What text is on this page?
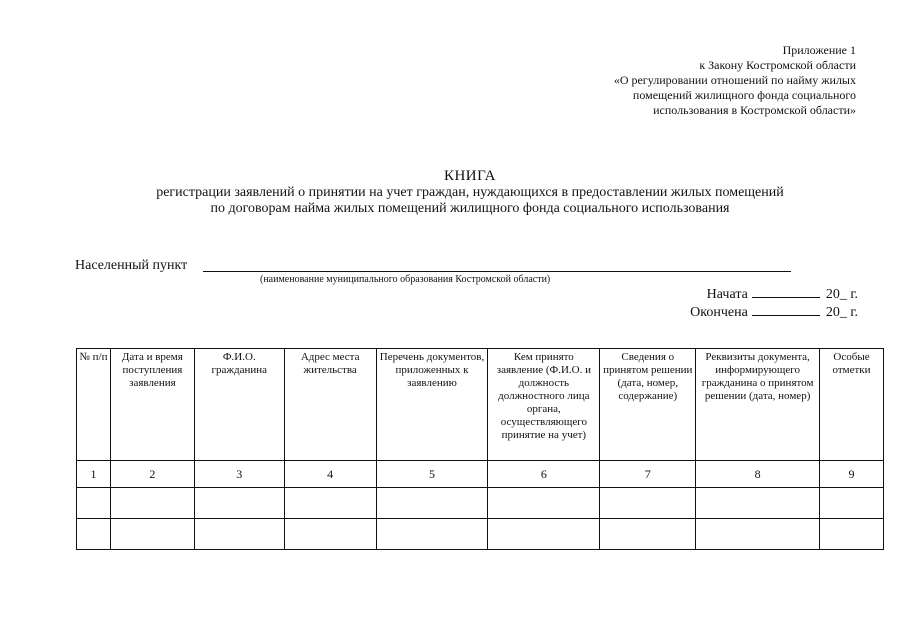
Приложение 1
к Закону Костромской области
«О регулировании отношений по найму жилых
помещений жилищного фонда социального
использования в Костромской области»
КНИГА
регистрации заявлений о принятии на учет граждан, нуждающихся в предоставлении жилых помещений
по договорам найма жилых помещений жилищного фонда социального использования
Населенный пункт
(наименование муниципального образования Костромской области)
Начата	20_ г.
Окончена	20_ г.
№ п/п	Дата и время поступления заявления	Ф.И.О. гражданина	Адрес места жительства	Перечень документов, приложенных к заявлению	Кем принято заявление (Ф.И.О. и должность должностного лица органа, осуществляющего принятие на учет)	Сведения о принятом решении (дата, номер, содержание)	Реквизиты документа, информирующего гражданина о принятом решении (дата, номер)	Особые отметки
1	2	3	4	5	6	7	8	9
